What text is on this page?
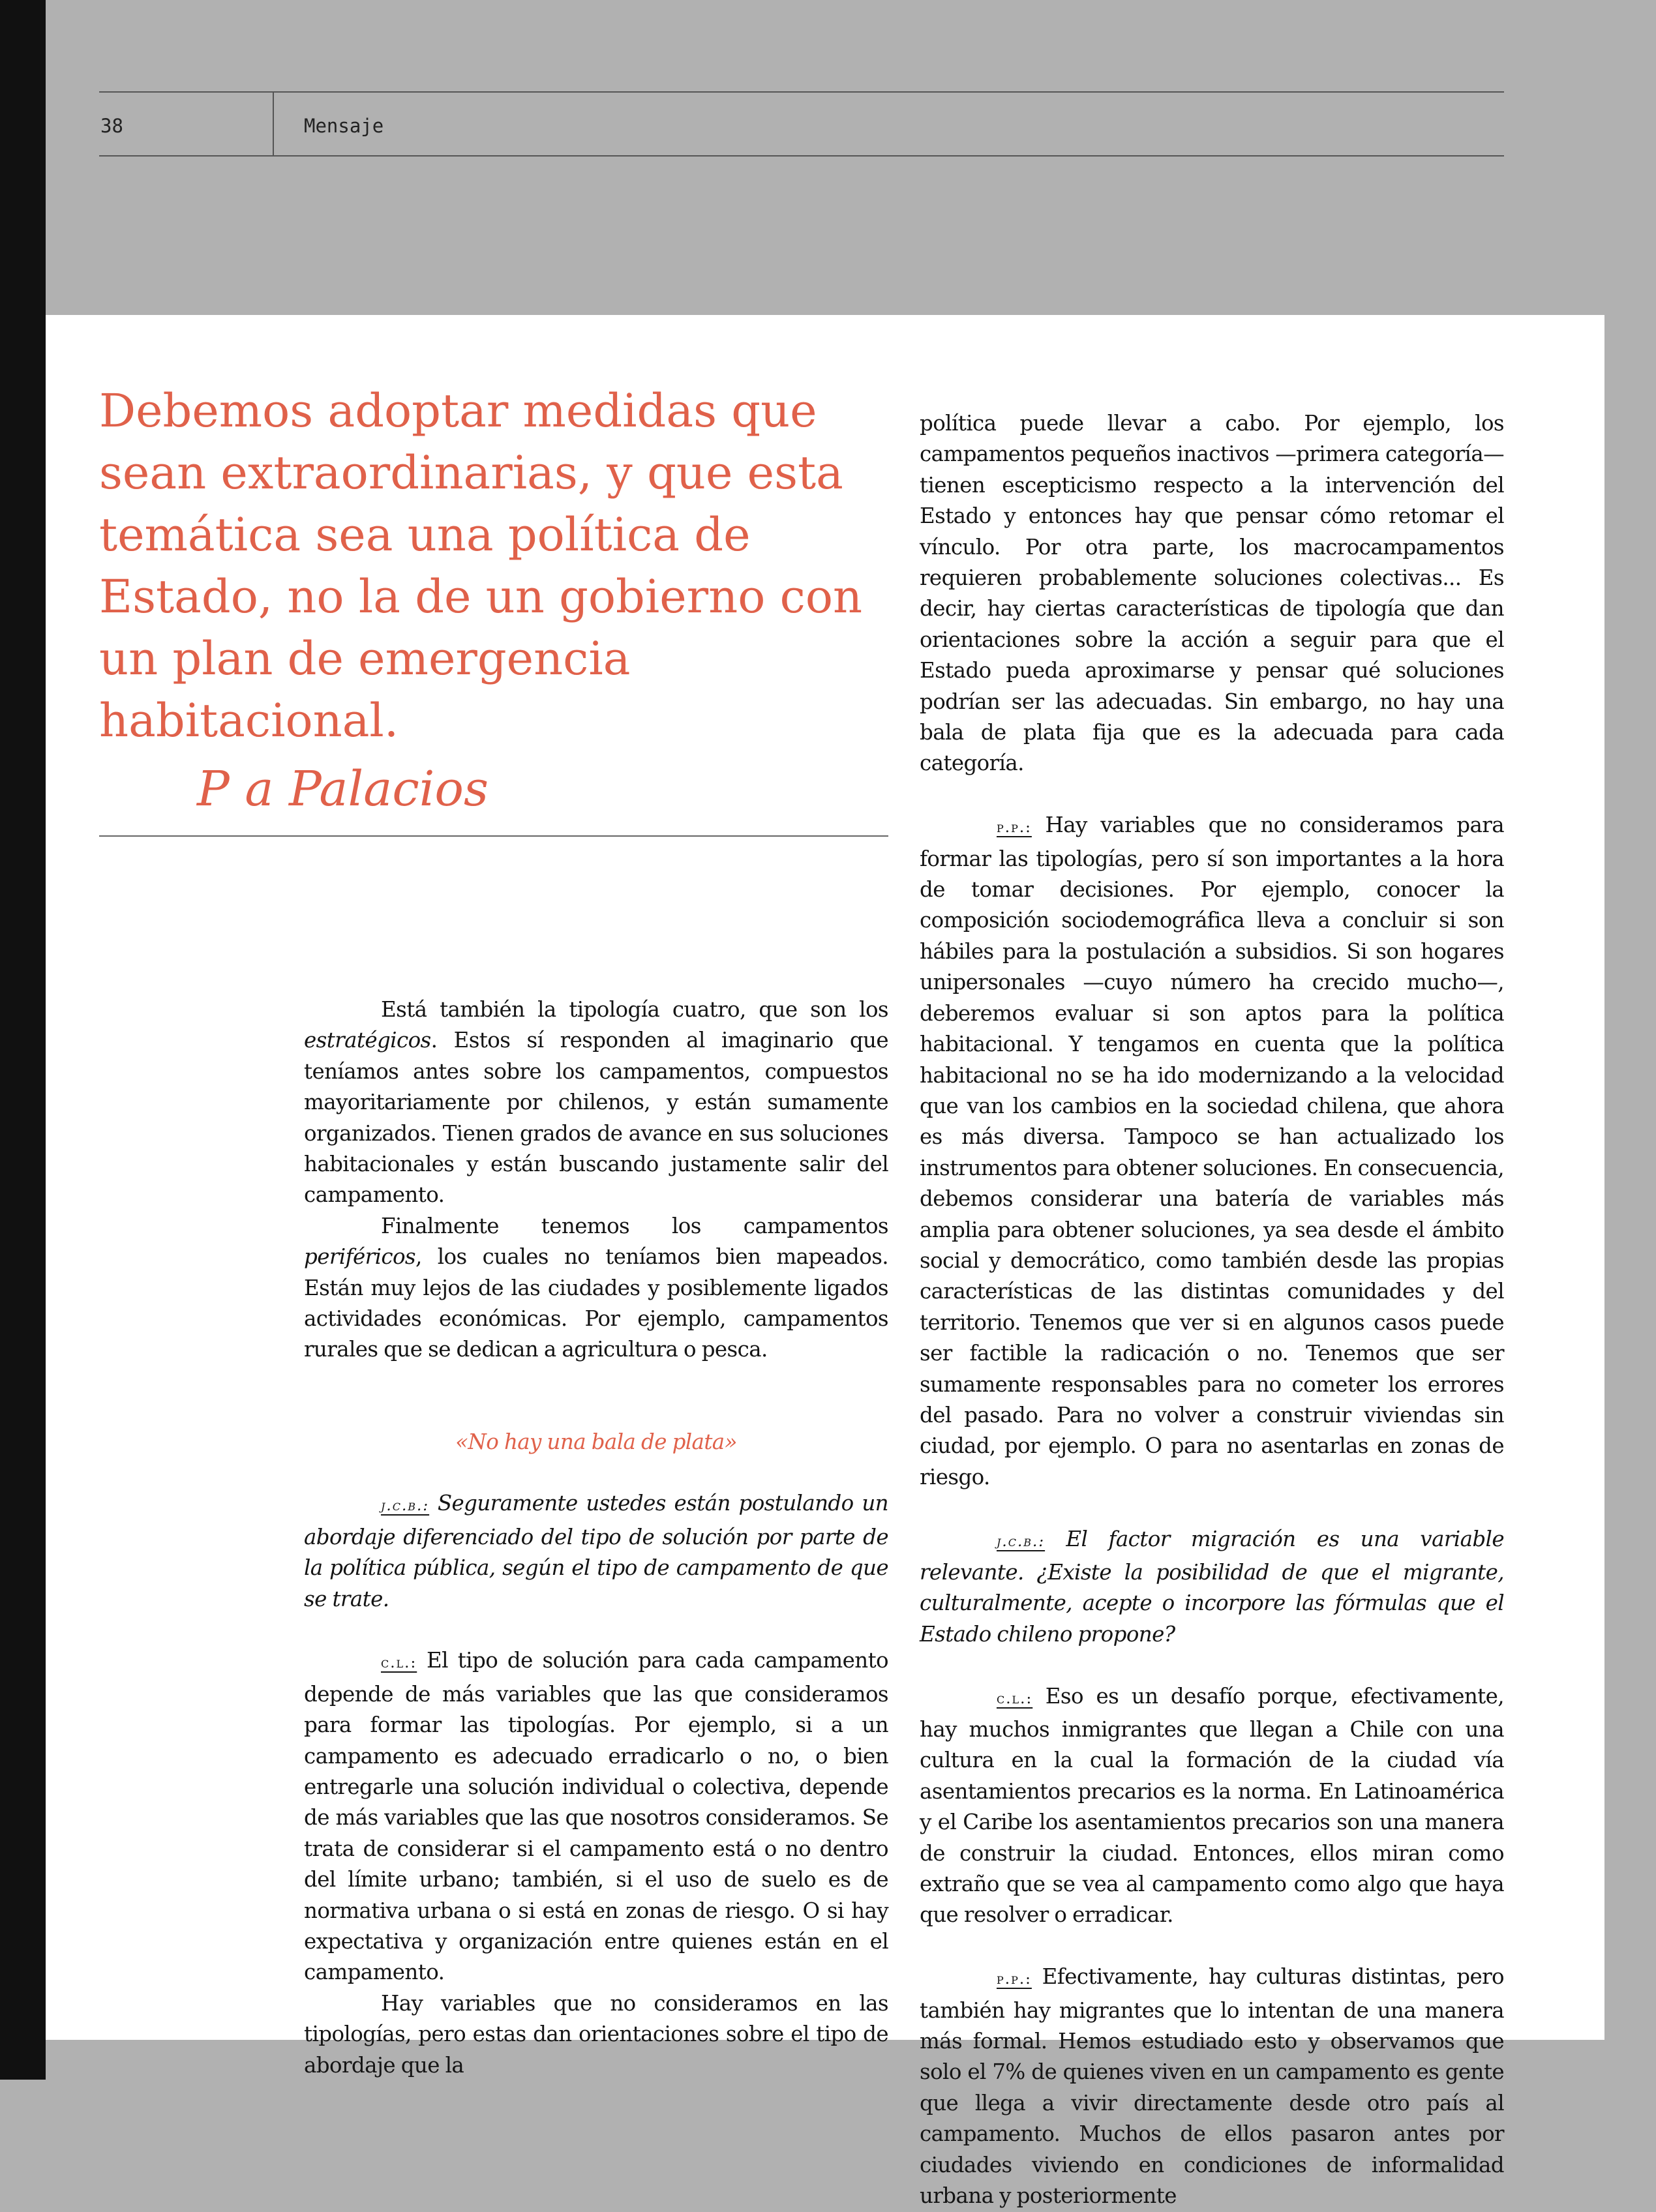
38	Mensaje

Debemos adoptar medidas que sean extraordinarias, y que esta temática sea una política de Estado, no la de un gobierno con un plan de emergencia habitacional.

P a Palacios

Está también la tipología cuatro, que son los estratégicos. Estos sí responden al imaginario que teníamos antes sobre los campamentos, compuestos mayoritariamente por chilenos, y están sumamente organizados. Tienen grados de avance en sus soluciones habitacionales y están buscando justamente salir del campamento.

Finalmente tenemos los campamentos periféricos, los cuales no teníamos bien mapeados. Están muy lejos de las ciudades y posiblemente ligados actividades económicas. Por ejemplo, campamentos rurales que se dedican a agricultura o pesca.

«No hay una bala de plata»

j.c.b.: Seguramente ustedes están postulando un abordaje diferenciado del tipo de solución por parte de la política pública, según el tipo de campamento de que se trate.

c.l.: El tipo de solución para cada campamento depende de más variables que las que consideramos para formar las tipologías. Por ejemplo, si a un campamento es adecuado erradicarlo o no, o bien entregarle una solución individual o colectiva, depende de más variables que las que nosotros consideramos. Se trata de considerar si el campamento está o no dentro del límite urbano; también, si el uso de suelo es de normativa urbana o si está en zonas de riesgo. O si hay expectativa y organización entre quienes están en el campamento.

Hay variables que no consideramos en las tipologías, pero estas dan orientaciones sobre el tipo de abordaje que la

política puede llevar a cabo. Por ejemplo, los campamentos pequeños inactivos —primera categoría— tienen escepticismo respecto a la intervención del Estado y entonces hay que pensar cómo retomar el vínculo. Por otra parte, los macrocampamentos requieren probablemente soluciones colectivas... Es decir, hay ciertas características de tipología que dan orientaciones sobre la acción a seguir para que el Estado pueda aproximarse y pensar qué soluciones podrían ser las adecuadas. Sin embargo, no hay una bala de plata fija que es la adecuada para cada categoría.

p.p.: Hay variables que no consideramos para formar las tipologías, pero sí son importantes a la hora de tomar decisiones. Por ejemplo, conocer la composición sociodemográfica lleva a concluir si son hábiles para la postulación a subsidios. Si son hogares unipersonales —cuyo número ha crecido mucho—, deberemos evaluar si son aptos para la política habitacional. Y tengamos en cuenta que la política habitacional no se ha ido modernizando a la velocidad que van los cambios en la sociedad chilena, que ahora es más diversa. Tampoco se han actualizado los instrumentos para obtener soluciones. En consecuencia, debemos considerar una batería de variables más amplia para obtener soluciones, ya sea desde el ámbito social y democrático, como también desde las propias características de las distintas comunidades y del territorio. Tenemos que ver si en algunos casos puede ser factible la radicación o no. Tenemos que ser sumamente responsables para no cometer los errores del pasado. Para no volver a construir viviendas sin ciudad, por ejemplo. O para no asentarlas en zonas de riesgo.

j.c.b.: El factor migración es una variable relevante. ¿Existe la posibilidad de que el migrante, culturalmente, acepte o incorpore las fórmulas que el Estado chileno propone?

c.l.: Eso es un desafío porque, efectivamente, hay muchos inmigrantes que llegan a Chile con una cultura en la cual la formación de la ciudad vía asentamientos precarios es la norma. En Latinoamérica y el Caribe los asentamientos precarios son una manera de construir la ciudad. Entonces, ellos miran como extraño que se vea al campamento como algo que haya que resolver o erradicar.

p.p.: Efectivamente, hay culturas distintas, pero también hay migrantes que lo intentan de una manera más formal. Hemos estudiado esto y observamos que solo el 7% de quienes viven en un campamento es gente que llega a vivir directamente desde otro país al campamento. Muchos de ellos pasaron antes por ciudades viviendo en condiciones de informalidad urbana y posteriormente
